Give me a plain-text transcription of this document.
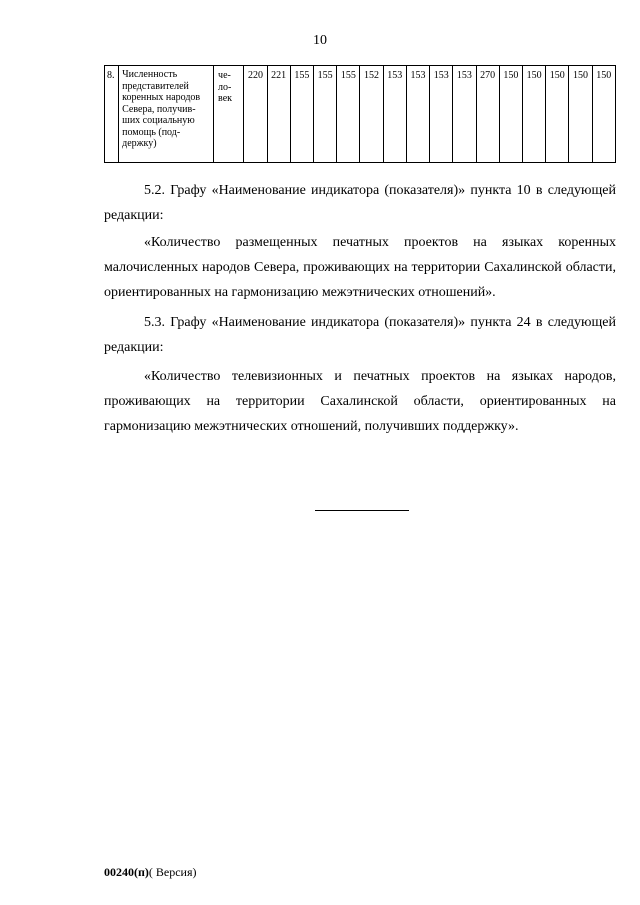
10
8.	Численность представителей коренных народов Севера, получив-ших социальную помощь (под-держку)	че-ло-век	220	221	155	155	155	152	153	153	153	153	270	150	150	150	150	150

5.2. Графу «Наименование индикатора (показателя)» пункта 10 в следующей редакции:

«Количество размещенных печатных проектов на языках коренных малочисленных народов Севера, проживающих на территории Сахалинской области, ориентированных на гармонизацию межэтнических отношений».

5.3. Графу «Наименование индикатора (показателя)» пункта 24 в следующей редакции:

«Количество телевизионных и печатных проектов на языках народов, проживающих на территории Сахалинской области, ориентированных на гармонизацию межэтнических отношений, получивших поддержку».

00240(п)( Версия)
